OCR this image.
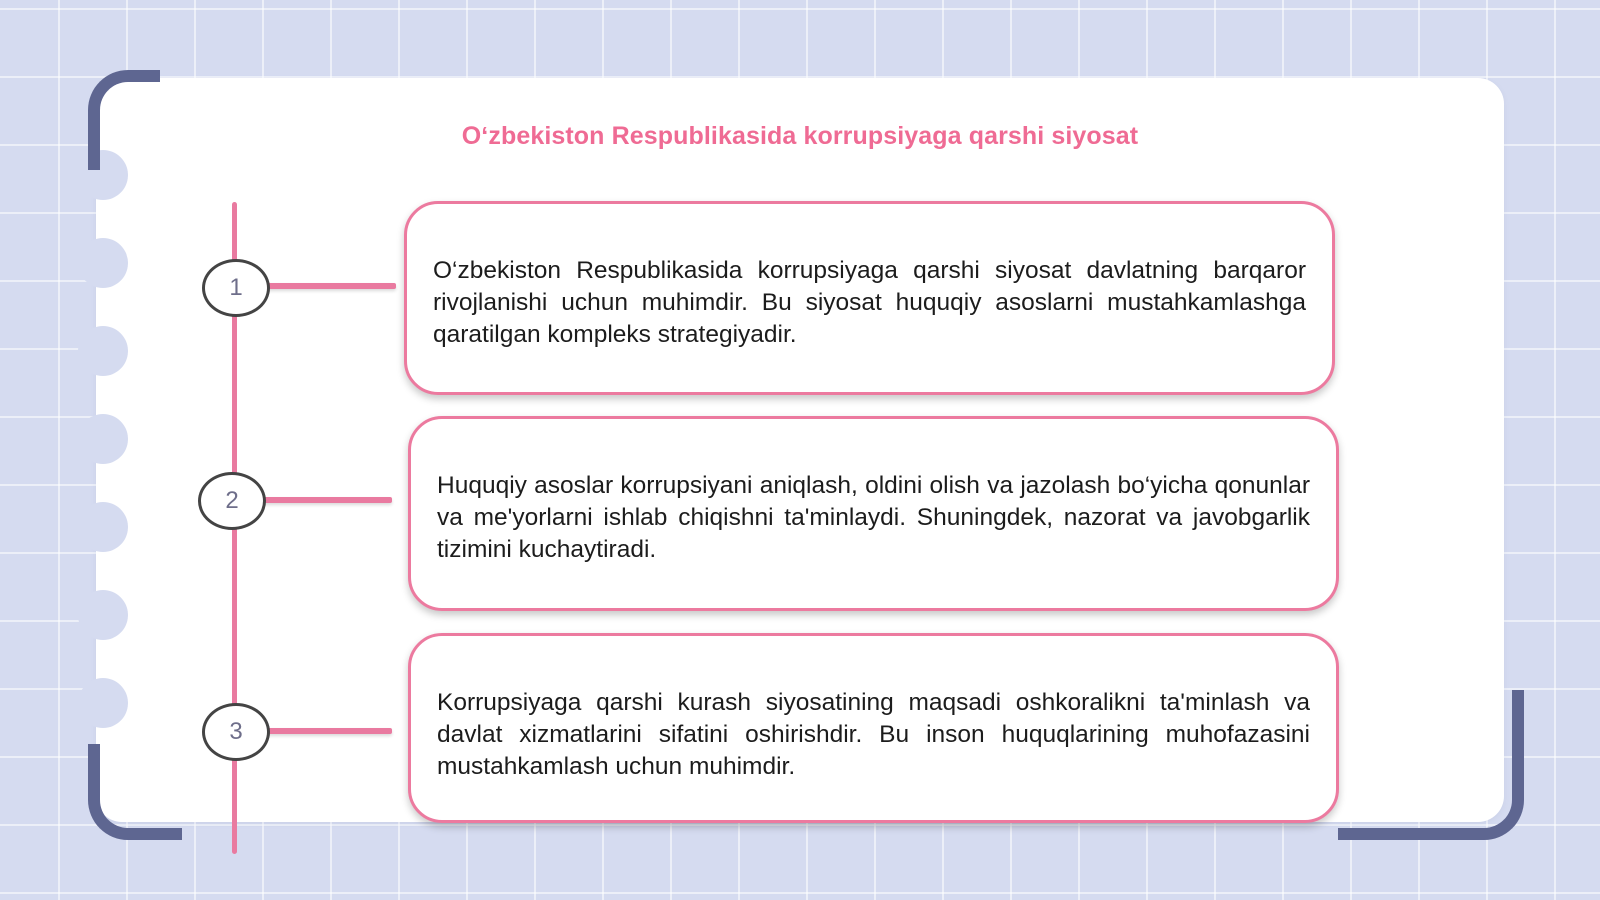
Oʻzbekiston Respublikasida korrupsiyaga qarshi siyosat
1
2
3

O‘zbekiston Respublikasida korrupsiyaga qarshi siyosat davlatning barqaror rivojlanishi uchun muhimdir. Bu siyosat huquqiy asoslarni mustahkamlashga qaratilgan kompleks strategiyadir.

Huquqiy asoslar korrupsiyani aniqlash, oldini olish va jazolash bo‘yicha qonunlar va me'yorlarni ishlab chiqishni ta'minlaydi. Shuningdek, nazorat va javobgarlik tizimini kuchaytiradi.

Korrupsiyaga qarshi kurash siyosatining maqsadi oshkoralikni ta'minlash va davlat xizmatlarini sifatini oshirishdir. Bu inson huquqlarining muhofazasini mustahkamlash uchun muhimdir.
